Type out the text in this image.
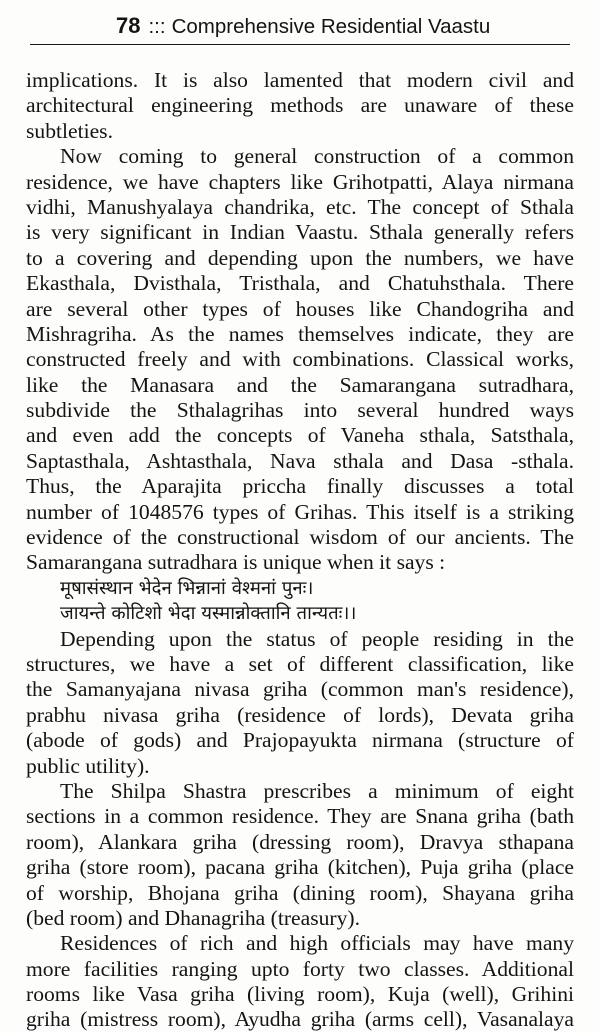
78 ::: Comprehensive Residential Vaastu
implications. It is also lamented that modern civil and
architectural engineering methods are unaware of these
subtleties.
Now coming to general construction of a common
residence, we have chapters like Grihotpatti, Alaya nirmana
vidhi, Manushyalaya chandrika, etc. The concept of Sthala
is very significant in Indian Vaastu. Sthala generally refers
to a covering and depending upon the numbers, we have
Ekasthala, Dvisthala, Tristhala, and Chatuhsthala. There
are several other types of houses like Chandogriha and
Mishragriha. As the names themselves indicate, they are
constructed freely and with combinations. Classical works,
like the Manasara and the Samarangana sutradhara,
subdivide the Sthalagrihas into several hundred ways
and even add the concepts of Vaneha sthala, Satsthala,
Saptasthala, Ashtasthala, Nava sthala and Dasa -sthala.
Thus, the Aparajita priccha finally discusses a total
number of 1048576 types of Grihas. This itself is a striking
evidence of the constructional wisdom of our ancients. The
Samarangana sutradhara is unique when it says :
मूषासंस्थान भेदेन भिन्नानां वेश्मनां पुनः।
जायन्ते कोटिशो भेदा यस्मान्नोक्तानि तान्यतः।।
Depending upon the status of people residing in the
structures, we have a set of different classification, like
the Samanyajana nivasa griha (common man's residence),
prabhu nivasa griha (residence of lords), Devata griha
(abode of gods) and Prajopayukta nirmana (structure of
public utility).
The Shilpa Shastra prescribes a minimum of eight
sections in a common residence. They are Snana griha (bath
room), Alankara griha (dressing room), Dravya sthapana
griha (store room), pacana griha (kitchen), Puja griha (place
of worship, Bhojana griha (dining room), Shayana griha
(bed room) and Dhanagriha (treasury).
Residences of rich and high officials may have many
more facilities ranging upto forty two classes. Additional
rooms like Vasa griha (living room), Kuja (well), Grihini
griha (mistress room), Ayudha griha (arms cell), Vasanalaya
